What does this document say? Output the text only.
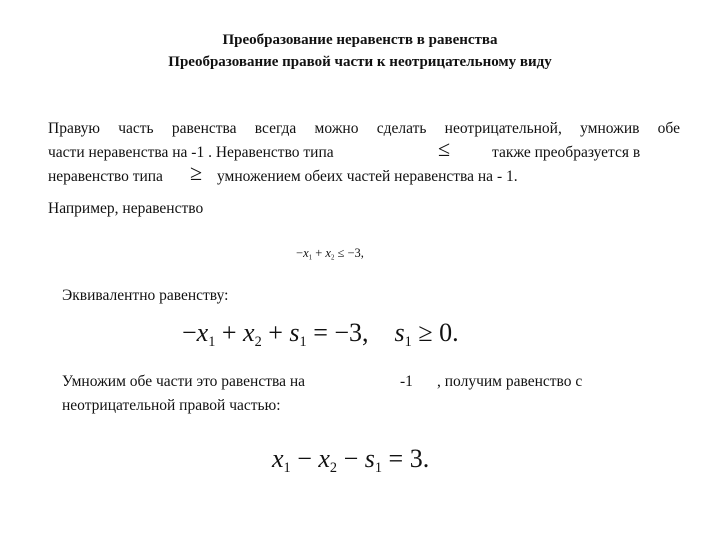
Преобразование неравенств в равенства
Преобразование правой части к неотрицательному виду
Правую часть равенства всегда можно сделать неотрицательной, умножив обе
части неравенства на -1 . Неравенство типа	≤	также преобразуется в
неравенство типа ≥ умножением обеих частей неравенства на - 1.
Например, неравенство
$-x_1 + x_2 \le -3$,
Эквивалентно равенству:
$-x_1 + x_2 + s_1 = -3$,    $s_1 \ge 0$.
Умножим обе части это равенства на	-1 , получим равенство с
неотрицательной правой частью:
$x_1 - x_2 - s_1 = 3$.
